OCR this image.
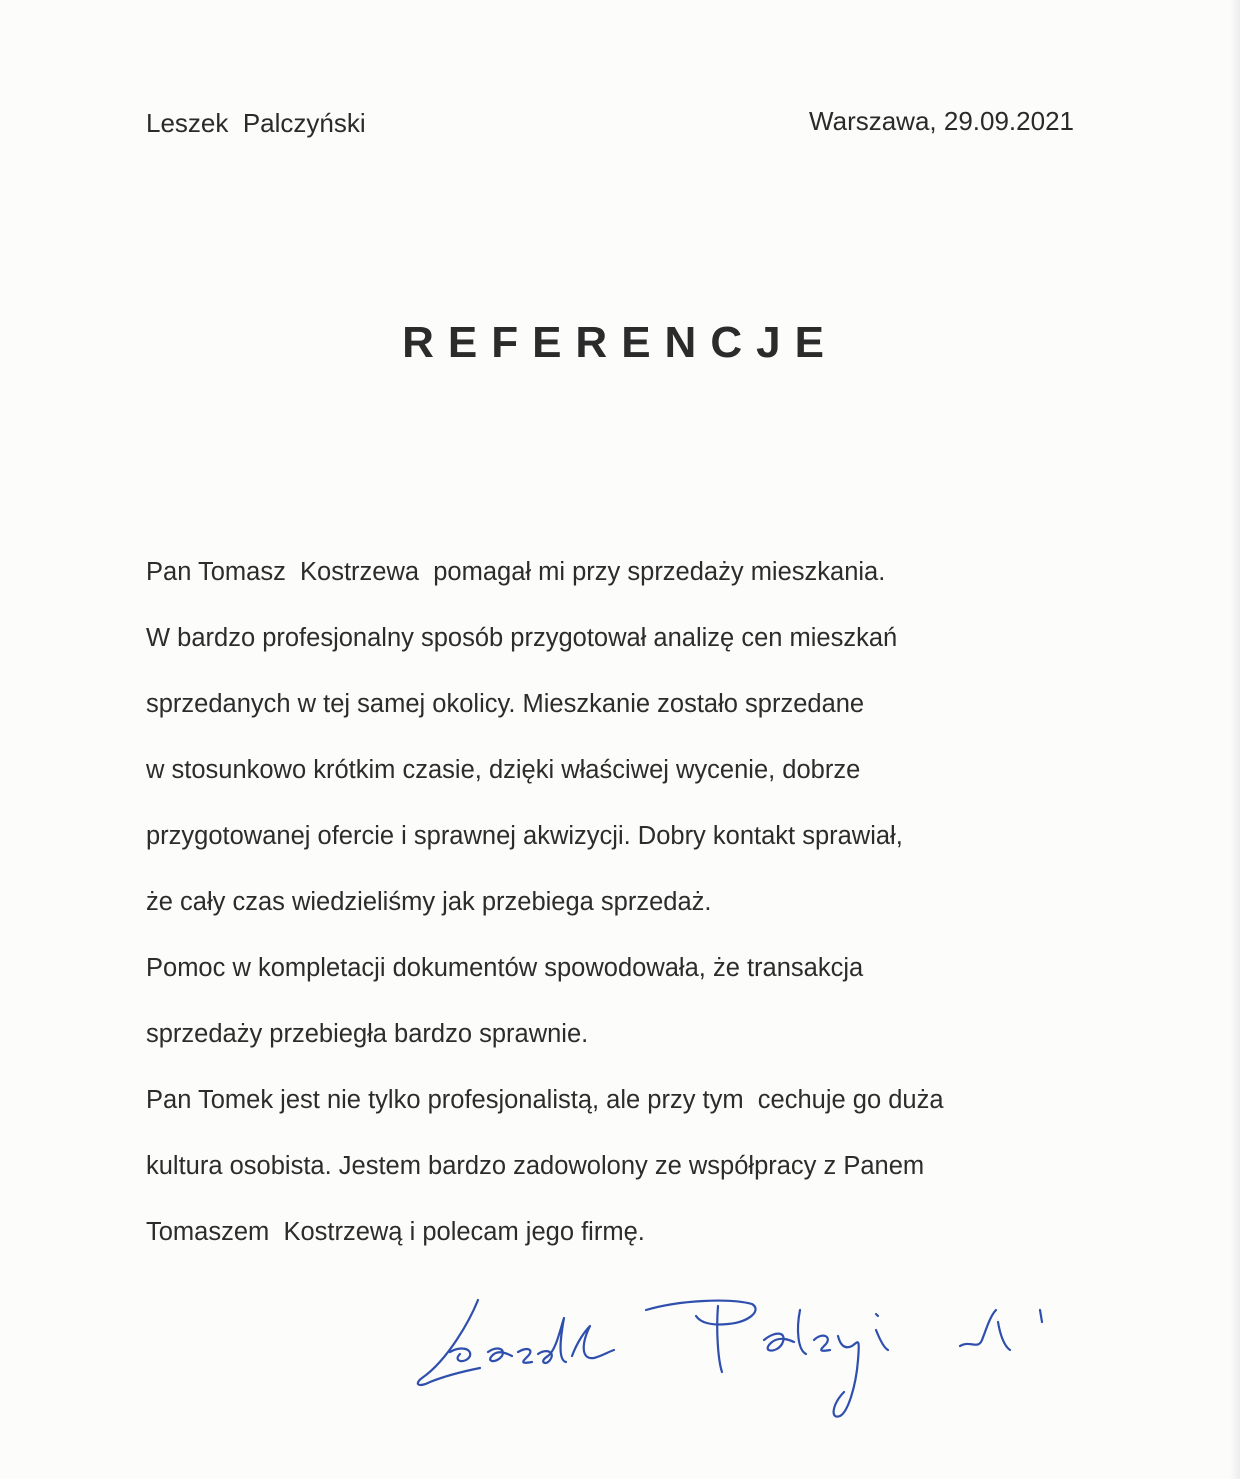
Leszek  Palczyński	Warszawa, 29.09.2021
REFERENCJE
Pan Tomasz  Kostrzewa  pomagał mi przy sprzedaży mieszkania.
W bardzo profesjonalny sposób przygotował analizę cen mieszkań
sprzedanych w tej samej okolicy. Mieszkanie zostało sprzedane
w stosunkowo krótkim czasie, dzięki właściwej wycenie, dobrze
przygotowanej ofercie i sprawnej akwizycji. Dobry kontakt sprawiał,
że cały czas wiedzieliśmy jak przebiega sprzedaż.
Pomoc w kompletacji dokumentów spowodowała, że transakcja
sprzedaży przebiegła bardzo sprawnie.
Pan Tomek jest nie tylko profesjonalistą, ale przy tym  cechuje go duża
kultura osobista. Jestem bardzo zadowolony ze współpracy z Panem
Tomaszem  Kostrzewą i polecam jego firmę.
